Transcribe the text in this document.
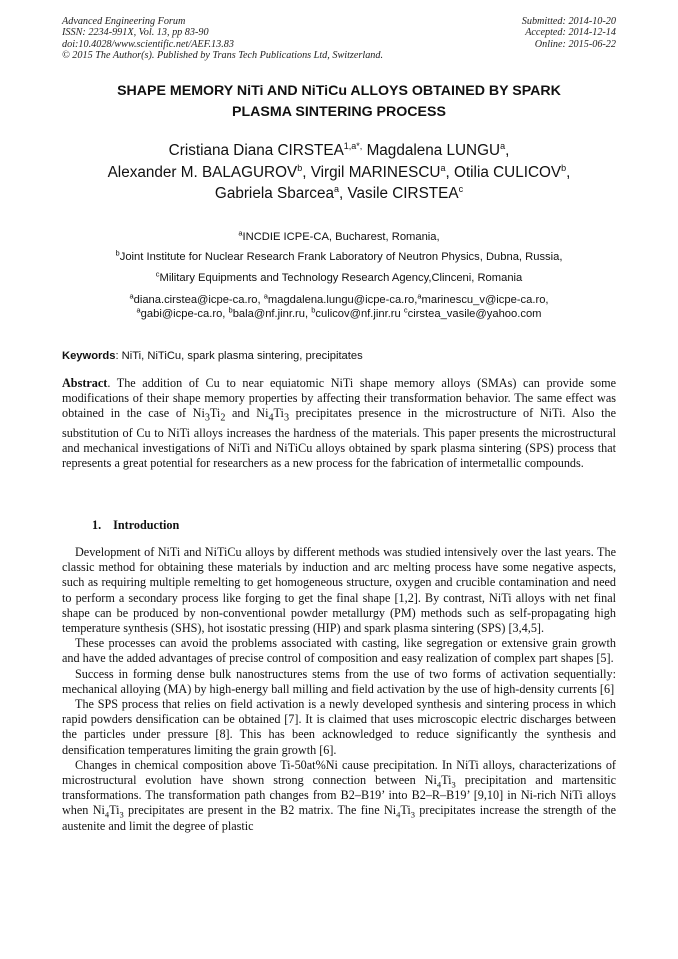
Advanced Engineering Forum
ISSN: 2234-991X, Vol. 13, pp 83-90
doi:10.4028/www.scientific.net/AEF.13.83
© 2015 The Author(s). Published by Trans Tech Publications Ltd, Switzerland.
Submitted: 2014-10-20
Accepted: 2014-12-14
Online: 2015-06-22
SHAPE MEMORY NiTi AND NiTiCu ALLOYS OBTAINED BY SPARK
PLASMA SINTERING PROCESS
Cristiana Diana $CIRSTEA^{1,a*,}$ Magdalena LUNGU$^a$,
Alexander M. BALAGUROV$^b$, Virgil MARINESCU$^a$, Otilia CULICOV$^b$,
Gabriela Sbarcea$^a$, Vasile CIRSTEA$^c$
$^a$INCDIE ICPE-CA, Bucharest, Romania,
$^b$Joint Institute for Nuclear Research Frank Laboratory of Neutron Physics, Dubna, Russia,
$^c$Military Equipments and Technology Research Agency,Clinceni, Romania
$^a$diana.cirstea@icpe-ca.ro, $^a$magdalena.lungu@icpe-ca.ro,$^a$marinescu_v@icpe-ca.ro,
$^a$gabi@icpe-ca.ro, $^b$bala@nf.jinr.ru, $^b$culicov@nf.jinr.ru $^c$cirstea_vasile@yahoo.com
Keywords: NiTi, NiTiCu, spark plasma sintering, precipitates

Abstract. The addition of Cu to near equiatomic NiTi shape memory alloys (SMAs) can provide some modifications of their shape memory properties by affecting their transformation behavior. The same effect was obtained in the case of $Ni_3Ti_2$ and $Ni_4Ti_3$ precipitates presence in the microstructure of NiTi. Also the substitution of Cu to NiTi alloys increases the hardness of the materials. This paper presents the microstructural and mechanical investigations of NiTi and NiTiCu alloys obtained by spark plasma sintering (SPS) process that represents a great potential for researchers as a new process for the fabrication of intermetallic compounds.

1. Introduction

Development of NiTi and NiTiCu alloys by different methods was studied intensively over the last years. The classic method for obtaining these materials by induction and arc melting process have some negative aspects, such as requiring multiple remelting to get homogeneous structure, oxygen and crucible contamination and need to perform a secondary process like forging to get the final shape [1,2]. By contrast, NiTi alloys with net final shape can be produced by non-conventional powder metallurgy (PM) methods such as self-propagating high temperature synthesis (SHS), hot isostatic pressing (HIP) and spark plasma sintering (SPS) [3,4,5].

These processes can avoid the problems associated with casting, like segregation or extensive grain growth and have the added advantages of precise control of composition and easy realization of complex part shapes [5].

Success in forming dense bulk nanostructures stems from the use of two forms of activation sequentially: mechanical alloying (MA) by high-energy ball milling and field activation by the use of high-density currents [6]

The SPS process that relies on field activation is a newly developed synthesis and sintering process in which rapid powders densification can be obtained [7]. It is claimed that uses microscopic electric discharges between the particles under pressure [8]. This has been acknowledged to reduce significantly the synthesis and densification temperatures limiting the grain growth [6].

Changes in chemical composition above Ti-50at%Ni cause precipitation. In NiTi alloys, characterizations of microstructural evolution have shown strong connection between $Ni_4Ti_3$ precipitation and martensitic transformations. The transformation path changes from B2–B19’ into B2–R–B19’ [9,10] in Ni-rich NiTi alloys when $Ni_4Ti_3$ precipitates are present in the B2 matrix. The fine $Ni_4Ti_3$ precipitates increase the strength of the austenite and limit the degree of plastic
